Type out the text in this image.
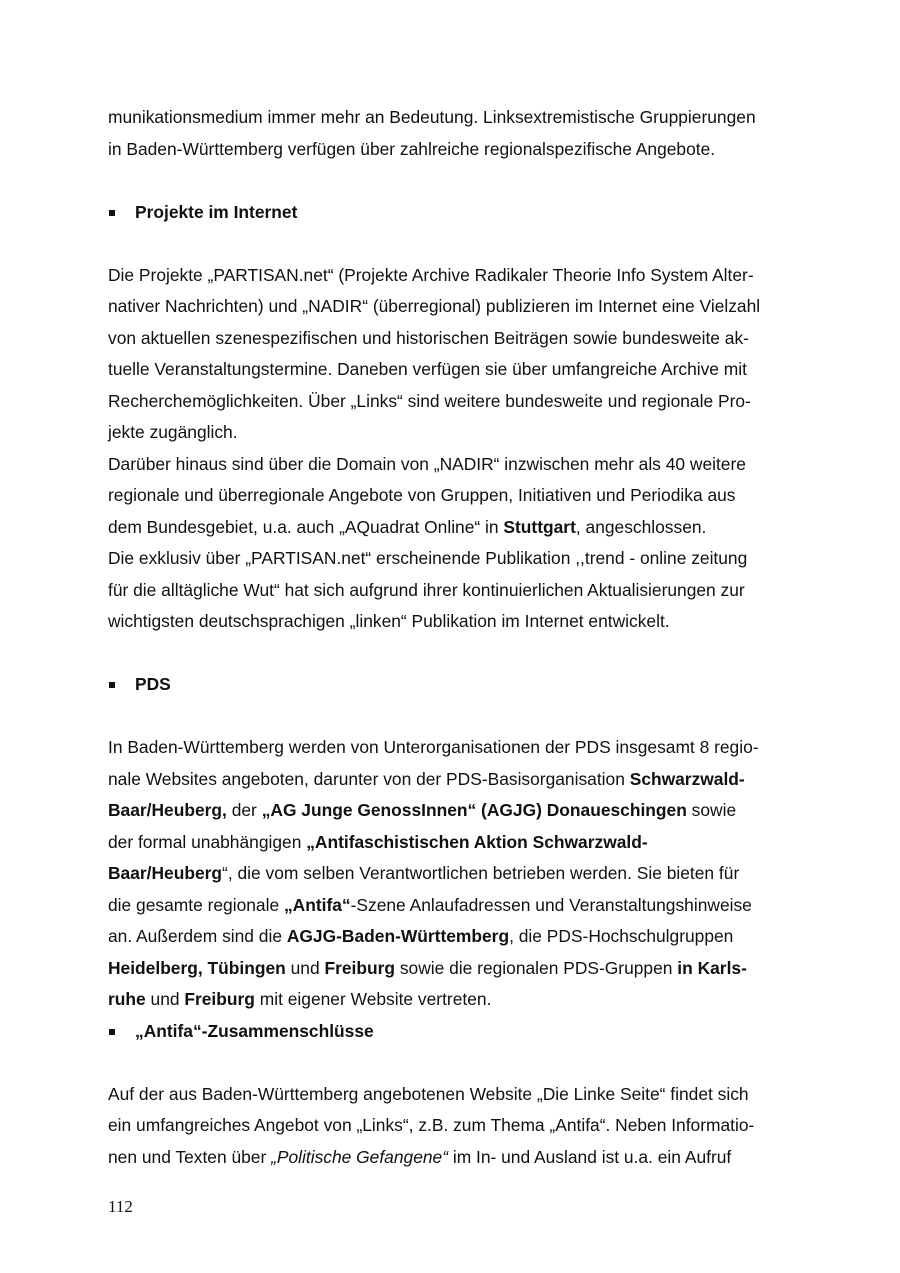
munikationsmedium immer mehr an Bedeutung. Linksextremistische Gruppierungen
in Baden-Württemberg verfügen über zahlreiche regionalspezifische Angebote.
Projekte im Internet
Die Projekte „PARTISAN.net“ (Projekte Archive Radikaler Theorie Info System Alter-
nativer Nachrichten) und „NADIR“ (überregional) publizieren im Internet eine Vielzahl
von aktuellen szenespezifischen und historischen Beiträgen sowie bundesweite ak-
tuelle Veranstaltungstermine. Daneben verfügen sie über umfangreiche Archive mit
Recherchemöglichkeiten. Über „Links“ sind weitere bundesweite und regionale Pro-
jekte zugänglich.
Darüber hinaus sind über die Domain von „NADIR“ inzwischen mehr als 40 weitere
regionale und überregionale Angebote von Gruppen, Initiativen und Periodika aus
dem Bundesgebiet, u.a. auch „AQuadrat Online“ in Stuttgart, angeschlossen.
Die exklusiv über „PARTISAN.net“ erscheinende Publikation ,,trend - online zeitung
für die alltägliche Wut“ hat sich aufgrund ihrer kontinuierlichen Aktualisierungen zur
wichtigsten deutschsprachigen „linken“ Publikation im Internet entwickelt.
PDS
In Baden-Württemberg werden von Unterorganisationen der PDS insgesamt 8 regio-
nale Websites angeboten, darunter von der PDS-Basisorganisation Schwarzwald-
Baar/Heuberg, der „AG Junge GenossInnen“ (AGJG) Donaueschingen sowie
der formal unabhängigen „Antifaschistischen Aktion Schwarzwald-
Baar/Heuberg“, die vom selben Verantwortlichen betrieben werden. Sie bieten für
die gesamte regionale „Antifa“-Szene Anlaufadressen und Veranstaltungshinweise
an. Außerdem sind die AGJG-Baden-Württemberg, die PDS-Hochschulgruppen
Heidelberg, Tübingen und Freiburg sowie die regionalen PDS-Gruppen in Karls-
ruhe und Freiburg mit eigener Website vertreten.
„Antifa“-Zusammenschlüsse
Auf der aus Baden-Württemberg angebotenen Website „Die Linke Seite“ findet sich
ein umfangreiches Angebot von „Links“, z.B. zum Thema „Antifa“. Neben Informatio-
nen und Texten über „Politische Gefangene“ im In- und Ausland ist u.a. ein Aufruf
112
